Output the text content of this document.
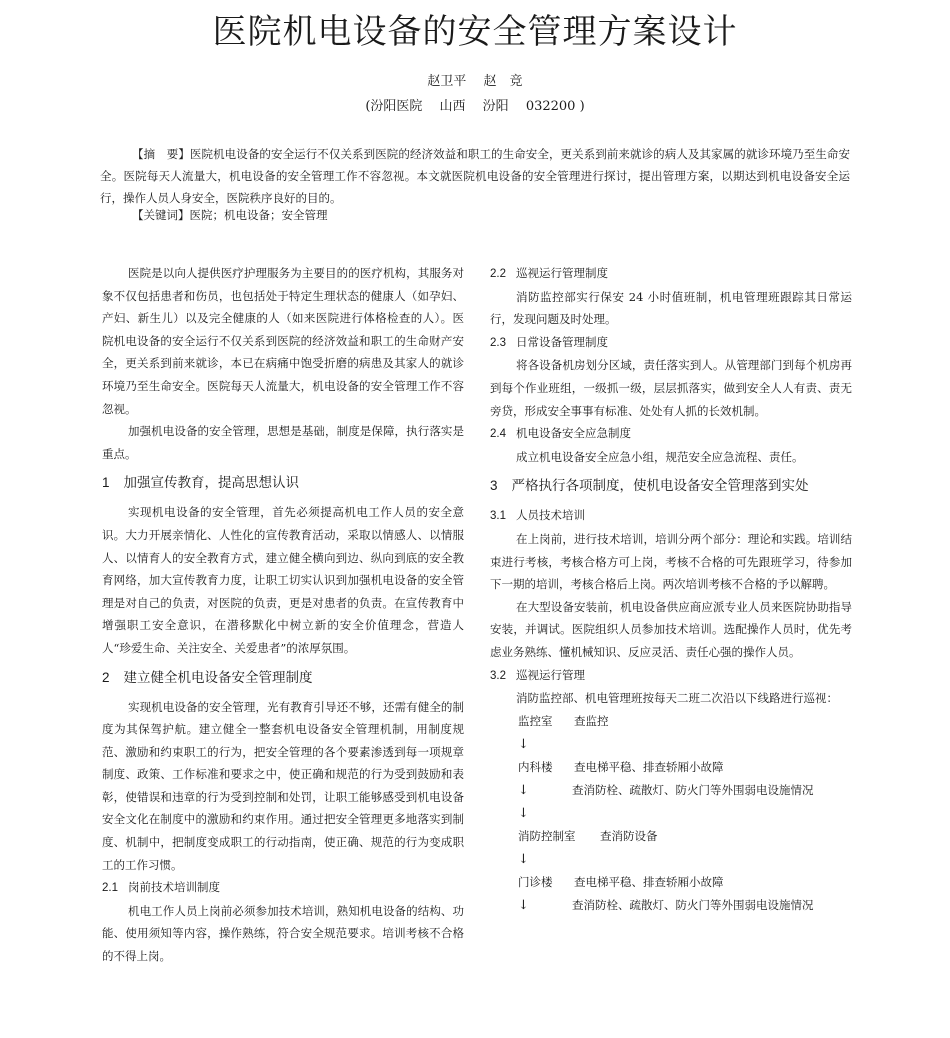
医院机电设备的安全管理方案设计
赵卫平　 赵　竞
(汾阳医院　 山西　 汾阳　 032200 )
【摘　要】医院机电设备的安全运行不仅关系到医院的经济效益和职工的生命安全，更关系到前来就诊的病人及其家属的就诊环境乃至生命安全。医院每天人流量大，机电设备的安全管理工作不容忽视。本文就医院机电设备的安全管理进行探讨，提出管理方案，以期达到机电设备安全运行，操作人员人身安全，医院秩序良好的目的。
【关键词】医院；机电设备；安全管理

医院是以向人提供医疗护理服务为主要目的的医疗机构，其服务对象不仅包括患者和伤员，也包括处于特定生理状态的健康人（如孕妇、产妇、新生儿）以及完全健康的人（如来医院进行体格检查的人）。医院机电设备的安全运行不仅关系到医院的经济效益和职工的生命财产安全，更关系到前来就诊，本已在病痛中饱受折磨的病患及其家人的就诊环境乃至生命安全。医院每天人流量大，机电设备的安全管理工作不容忽视。

加强机电设备的安全管理，思想是基础，制度是保障，执行落实是重点。

1 加强宣传教育，提高思想认识

实现机电设备的安全管理，首先必须提高机电工作人员的安全意识。大力开展亲情化、人性化的宣传教育活动，采取以情感人、以情服人、以情育人的安全教育方式，建立健全横向到边、纵向到底的安全教育网络，加大宣传教育力度，让职工切实认识到加强机电设备的安全管理是对自己的负责，对医院的负责，更是对患者的负责。在宣传教育中增强职工安全意识，在潜移默化中树立新的安全价值理念，营造人人“珍爱生命、关注安全、关爱患者”的浓厚氛围。

2 建立健全机电设备安全管理制度

实现机电设备的安全管理，光有教育引导还不够，还需有健全的制度为其保驾护航。建立健全一整套机电设备安全管理机制，用制度规范、激励和约束职工的行为，把安全管理的各个要素渗透到每一项规章制度、政策、工作标准和要求之中，使正确和规范的行为受到鼓励和表彰，使错误和违章的行为受到控制和处罚，让职工能够感受到机电设备安全文化在制度中的激励和约束作用。通过把安全管理更多地落实到制度、机制中，把制度变成职工的行动指南，使正确、规范的行为变成职工的工作习惯。

2.1 岗前技术培训制度

机电工作人员上岗前必须参加技术培训，熟知机电设备的结构、功能、使用须知等内容，操作熟练，符合安全规范要求。培训考核不合格的不得上岗。

2.2 巡视运行管理制度

消防监控部实行保安 24 小时值班制，机电管理班跟踪其日常运行，发现问题及时处理。

2.3 日常设备管理制度

将各设备机房划分区域，责任落实到人。从管理部门到每个机房再到每个作业班组，一级抓一级，层层抓落实，做到安全人人有责、责无旁贷，形成安全事事有标准、处处有人抓的长效机制。

2.4 机电设备安全应急制度

成立机电设备安全应急小组，规范安全应急流程、责任。

3 严格执行各项制度，使机电设备安全管理落到实处
3.1 人员技术培训

在上岗前，进行技术培训，培训分两个部分：理论和实践。培训结束进行考核，考核合格方可上岗，考核不合格的可先跟班学习，待参加下一期的培训，考核合格后上岗。两次培训考核不合格的予以解聘。

在大型设备安装前，机电设备供应商应派专业人员来医院协助指导安装，并调试。医院组织人员参加技术培训。选配操作人员时，优先考虑业务熟练、懂机械知识、反应灵活、责任心强的操作人员。

3.2 巡视运行管理

消防监控部、机电管理班按每天二班二次沿以下线路进行巡视：

监控室	查监控
↓
内科楼	查电梯平稳、排查轿厢小故障
↓	查消防栓、疏散灯、防火门等外围弱电设施情况
↓
消防控制室	查消防设备
↓
门诊楼	查电梯平稳、排查轿厢小故障
↓	查消防栓、疏散灯、防火门等外围弱电设施情况
